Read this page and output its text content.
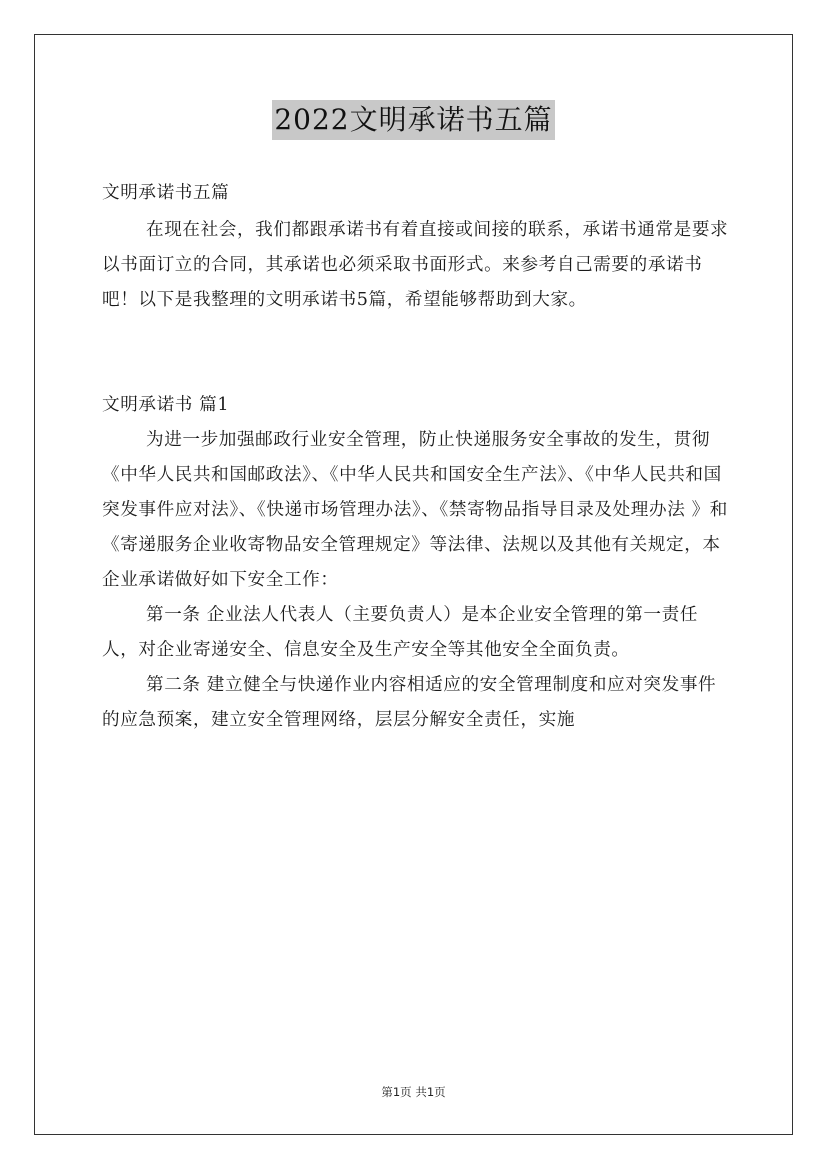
2022文明承诺书五篇

文明承诺书五篇

在现在社会，我们都跟承诺书有着直接或间接的联系，承诺书通常是要求以书面订立的合同，其承诺也必须采取书面形式。来参考自己需要的承诺书吧！以下是我整理的文明承诺书5篇，希望能够帮助到大家。

文明承诺书 篇1

为进一步加强邮政行业安全管理，防止快递服务安全事故的发生，贯彻《中华人民共和国邮政法》、《中华人民共和国安全生产法》、《中华人民共和国突发事件应对法》、《快递市场管理办法》、《禁寄物品指导目录及处理办法 》和《寄递服务企业收寄物品安全管理规定》等法律、法规以及其他有关规定，本企业承诺做好如下安全工作：

第一条 企业法人代表人（主要负责人）是本企业安全管理的第一责任人，对企业寄递安全、信息安全及生产安全等其他安全全面负责。

第二条 建立健全与快递作业内容相适应的安全管理制度和应对突发事件的应急预案，建立安全管理网络，层层分解安全责任，实施

第1页 共1页
